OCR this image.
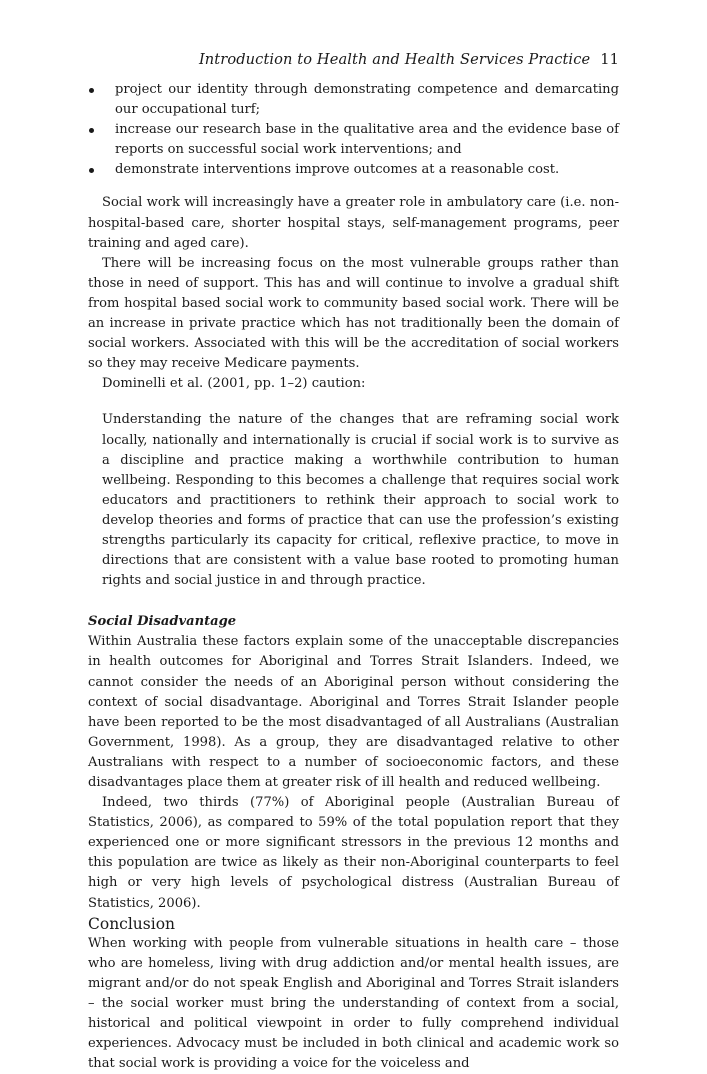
Introduction to Health and Health Services Practice 11
project our identity through demonstrating competence and demarcating our occupational turf;
increase our research base in the qualitative area and the evidence base of reports on successful social work interventions; and
demonstrate interventions improve outcomes at a reasonable cost.

Social work will increasingly have a greater role in ambulatory care (i.e. non-hospital-based care, shorter hospital stays, self-management programs, peer training and aged care).

There will be increasing focus on the most vulnerable groups rather than those in need of support. This has and will continue to involve a gradual shift from hospital based social work to community based social work. There will be an increase in private practice which has not traditionally been the domain of social workers. Associated with this will be the accreditation of social workers so they may receive Medicare payments.

Dominelli et al. (2001, pp. 1–2) caution:

Understanding the nature of the changes that are reframing social work locally, nationally and internationally is crucial if social work is to survive as a discipline and practice making a worthwhile contribution to human wellbeing. Responding to this becomes a challenge that requires social work educators and practitioners to rethink their approach to social work to develop theories and forms of practice that can use the profession’s existing strengths particularly its capacity for critical, reflexive practice, to move in directions that are consistent with a value base rooted to promoting human rights and social justice in and through practice.

Social Disadvantage

Within Australia these factors explain some of the unacceptable discrepancies in health outcomes for Aboriginal and Torres Strait Islanders. Indeed, we cannot consider the needs of an Aboriginal person without considering the context of social disadvantage. Aboriginal and Torres Strait Islander people have been reported to be the most disadvantaged of all Australians (Australian Government, 1998). As a group, they are disadvantaged relative to other Australians with respect to a number of socioeconomic factors, and these disadvantages place them at greater risk of ill health and reduced wellbeing.

Indeed, two thirds (77%) of Aboriginal people (Australian Bureau of Statistics, 2006), as compared to 59% of the total population report that they experienced one or more significant stressors in the previous 12 months and this population are twice as likely as their non-Aboriginal counterparts to feel high or very high levels of psychological distress (Australian Bureau of Statistics, 2006).

Conclusion

When working with people from vulnerable situations in health care – those who are homeless, living with drug addiction and/or mental health issues, are migrant and/or do not speak English and Aboriginal and Torres Strait islanders – the social worker must bring the understanding of context from a social, historical and political viewpoint in order to fully comprehend individual experiences. Advocacy must be included in both clinical and academic work so that social work is providing a voice for the voiceless and
